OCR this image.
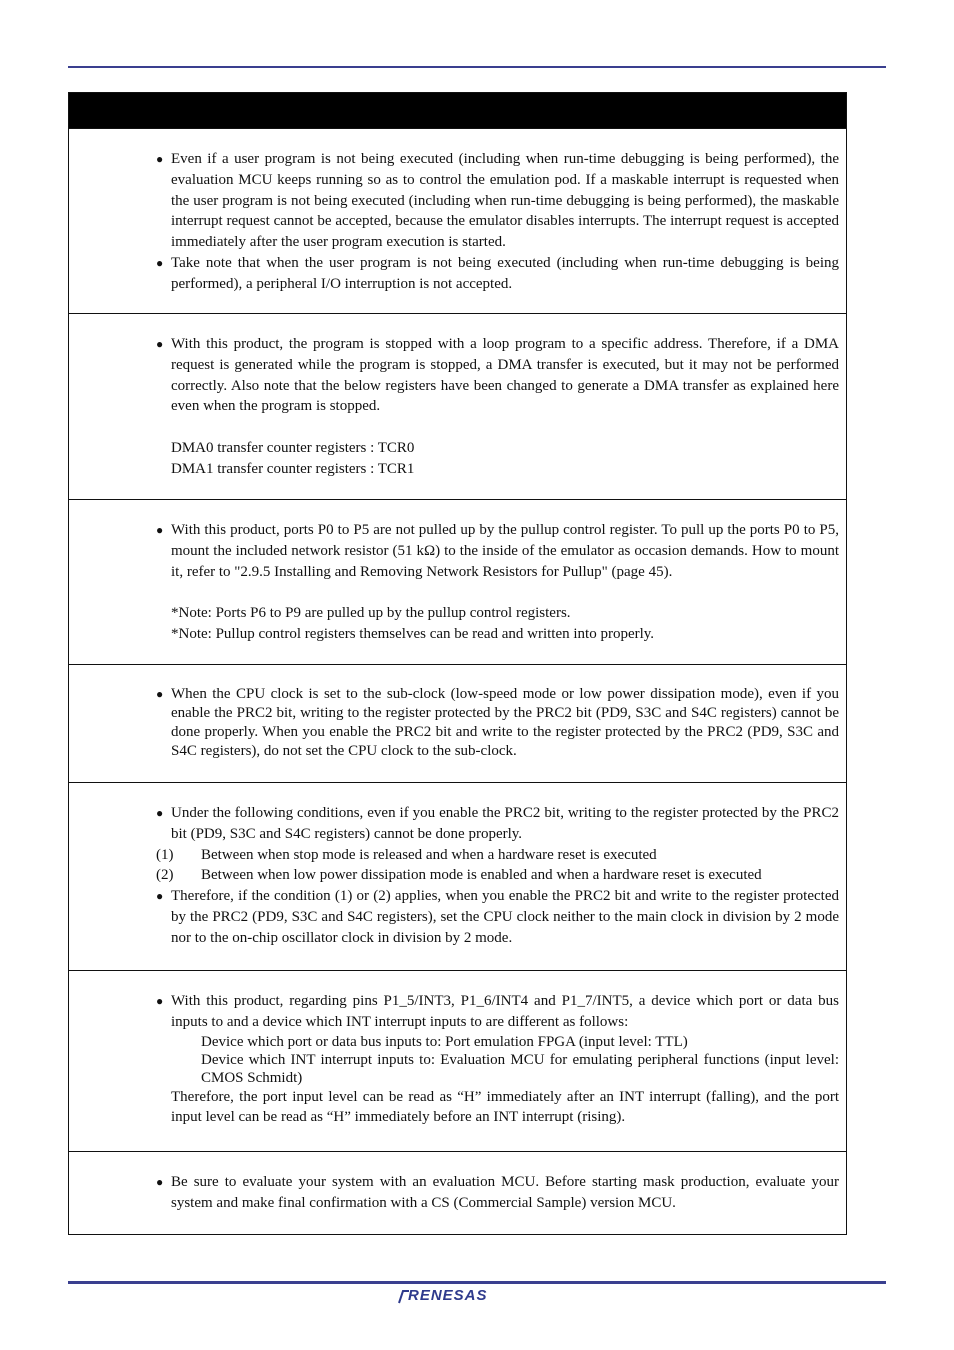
● Even if a user program is not being executed (including when run-time debugging is being performed), the evaluation MCU keeps running so as to control the emulation pod. If a maskable interrupt is requested when the user program is not being executed (including when run-time debugging is being performed), the maskable interrupt request cannot be accepted, because the emulator disables interrupts. The interrupt request is accepted immediately after the user program execution is started.
● Take note that when the user program is not being executed (including when run-time debugging is being performed), a peripheral I/O interruption is not accepted.

● With this product, the program is stopped with a loop program to a specific address. Therefore, if a DMA request is generated while the program is stopped, a DMA transfer is executed, but it may not be performed correctly. Also note that the below registers have been changed to generate a DMA transfer as explained here even when the program is stopped.
DMA0 transfer counter registers : TCR0
DMA1 transfer counter registers : TCR1

● With this product, ports P0 to P5 are not pulled up by the pullup control register. To pull up the ports P0 to P5, mount the included network resistor (51 kΩ) to the inside of the emulator as occasion demands. How to mount it, refer to "2.9.5 Installing and Removing Network Resistors for Pullup" (page 45).
*Note: Ports P6 to P9 are pulled up by the pullup control registers.
*Note: Pullup control registers themselves can be read and written into properly.

● When the CPU clock is set to the sub-clock (low-speed mode or low power dissipation mode), even if you enable the PRC2 bit, writing to the register protected by the PRC2 bit (PD9, S3C and S4C registers) cannot be done properly. When you enable the PRC2 bit and write to the register protected by the PRC2 (PD9, S3C and S4C registers), do not set the CPU clock to the sub-clock.

● Under the following conditions, even if you enable the PRC2 bit, writing to the register protected by the PRC2 bit (PD9, S3C and S4C registers) cannot be done properly.
(1) Between when stop mode is released and when a hardware reset is executed
(2) Between when low power dissipation mode is enabled and when a hardware reset is executed
● Therefore, if the condition (1) or (2) applies, when you enable the PRC2 bit and write to the register protected by the PRC2 (PD9, S3C and S4C registers), set the CPU clock neither to the main clock in division by 2 mode nor to the on-chip oscillator clock in division by 2 mode.

● With this product, regarding pins P1_5/INT3, P1_6/INT4 and P1_7/INT5, a device which port or data bus inputs to and a device which INT interrupt inputs to are different as follows:
Device which port or data bus inputs to: Port emulation FPGA (input level: TTL)
Device which INT interrupt inputs to: Evaluation MCU for emulating peripheral functions (input level: CMOS Schmidt)
Therefore, the port input level can be read as “H” immediately after an INT interrupt (falling), and the port input level can be read as “H” immediately before an INT interrupt (rising).

● Be sure to evaluate your system with an evaluation MCU. Before starting mask production, evaluate your system and make final confirmation with a CS (Commercial Sample) version MCU.
RENESAS
